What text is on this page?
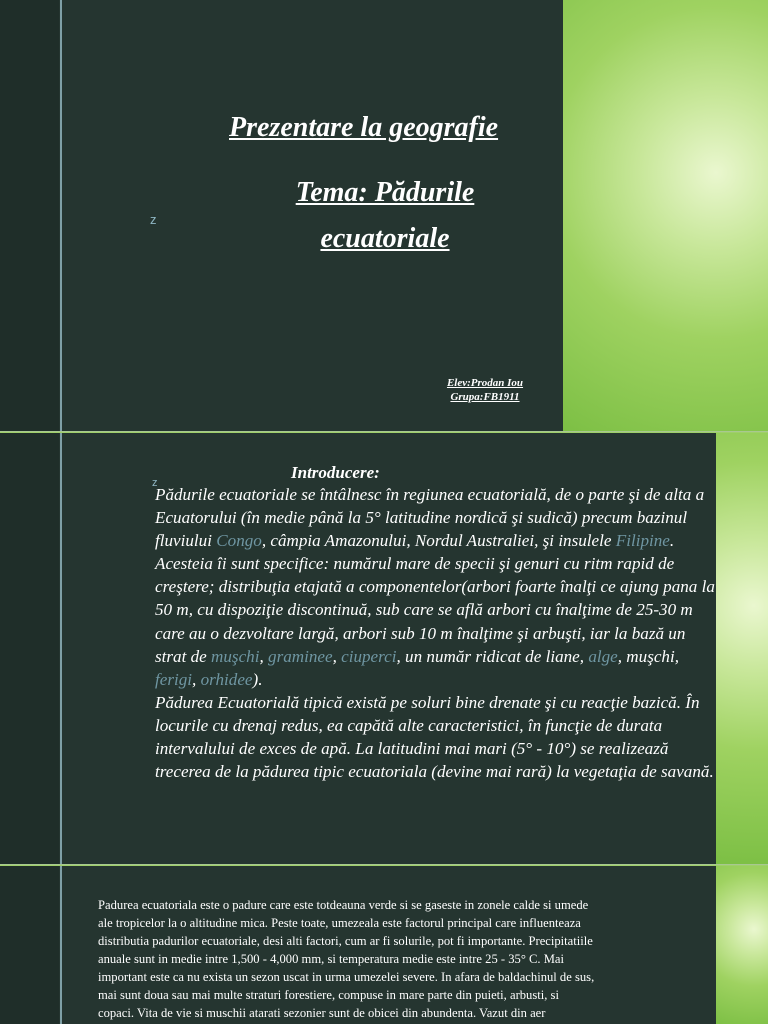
z
Prezentare la geografie
Tema: Pădurile ecuatoriale
Elev:Prodan Iou
Grupa:FB1911
z
Introducere:

Pădurile ecuatoriale se întâlnesc în regiunea ecuatorială, de o parte şi de alta a Ecuatorului (în medie până la 5° latitudine nordică şi sudică) precum bazinul fluviului Congo, câmpia Amazonului, Nordul Australiei, şi insulele Filipine.

Acesteia îi sunt specifice: numărul mare de specii şi genuri cu ritm rapid de creştere; distribuţia etajată a componentelor(arbori foarte înalţi ce ajung pana la 50 m, cu dispoziţie discontinuă, sub care se află arbori cu înalţime de 25-30 m care au o dezvoltare largă, arbori sub 10 m înalţime şi arbuşti, iar la bază un strat de muşchi, graminee, ciuperci, un număr ridicat de liane, alge, muşchi, ferigi, orhidee).

Pădurea Ecuatorială tipică există pe soluri bine drenate şi cu reacţie bazică. În locurile cu drenaj redus, ea capătă alte caracteristici, în funcţie de durata intervalului de exces de apă. La latitudini mai mari (5° - 10°) se realizează trecerea de la pădurea tipic ecuatoriala (devine mai rară) la vegetaţia de savană.

Padurea ecuatoriala este o padure care este totdeauna verde si se gaseste in zonele calde si umede ale tropicelor la o altitudine mica. Peste toate, umezeala este factorul principal care influenteaza distributia padurilor ecuatoriale, desi alti factori, cum ar fi solurile, pot fi importante. Precipitatiile anuale sunt in medie intre 1,500 - 4,000 mm, si temperatura medie este intre 25 - 35° C. Mai important este ca nu exista un sezon uscat in urma umezelei severe. In afara de baldachinul de sus, mai sunt doua sau mai multe straturi forestiere, compuse in mare parte din puieti, arbusti, si copaci. Vita de vie si muschii atarati sezonier sunt de obicei din abundenta. Vazut din aer
